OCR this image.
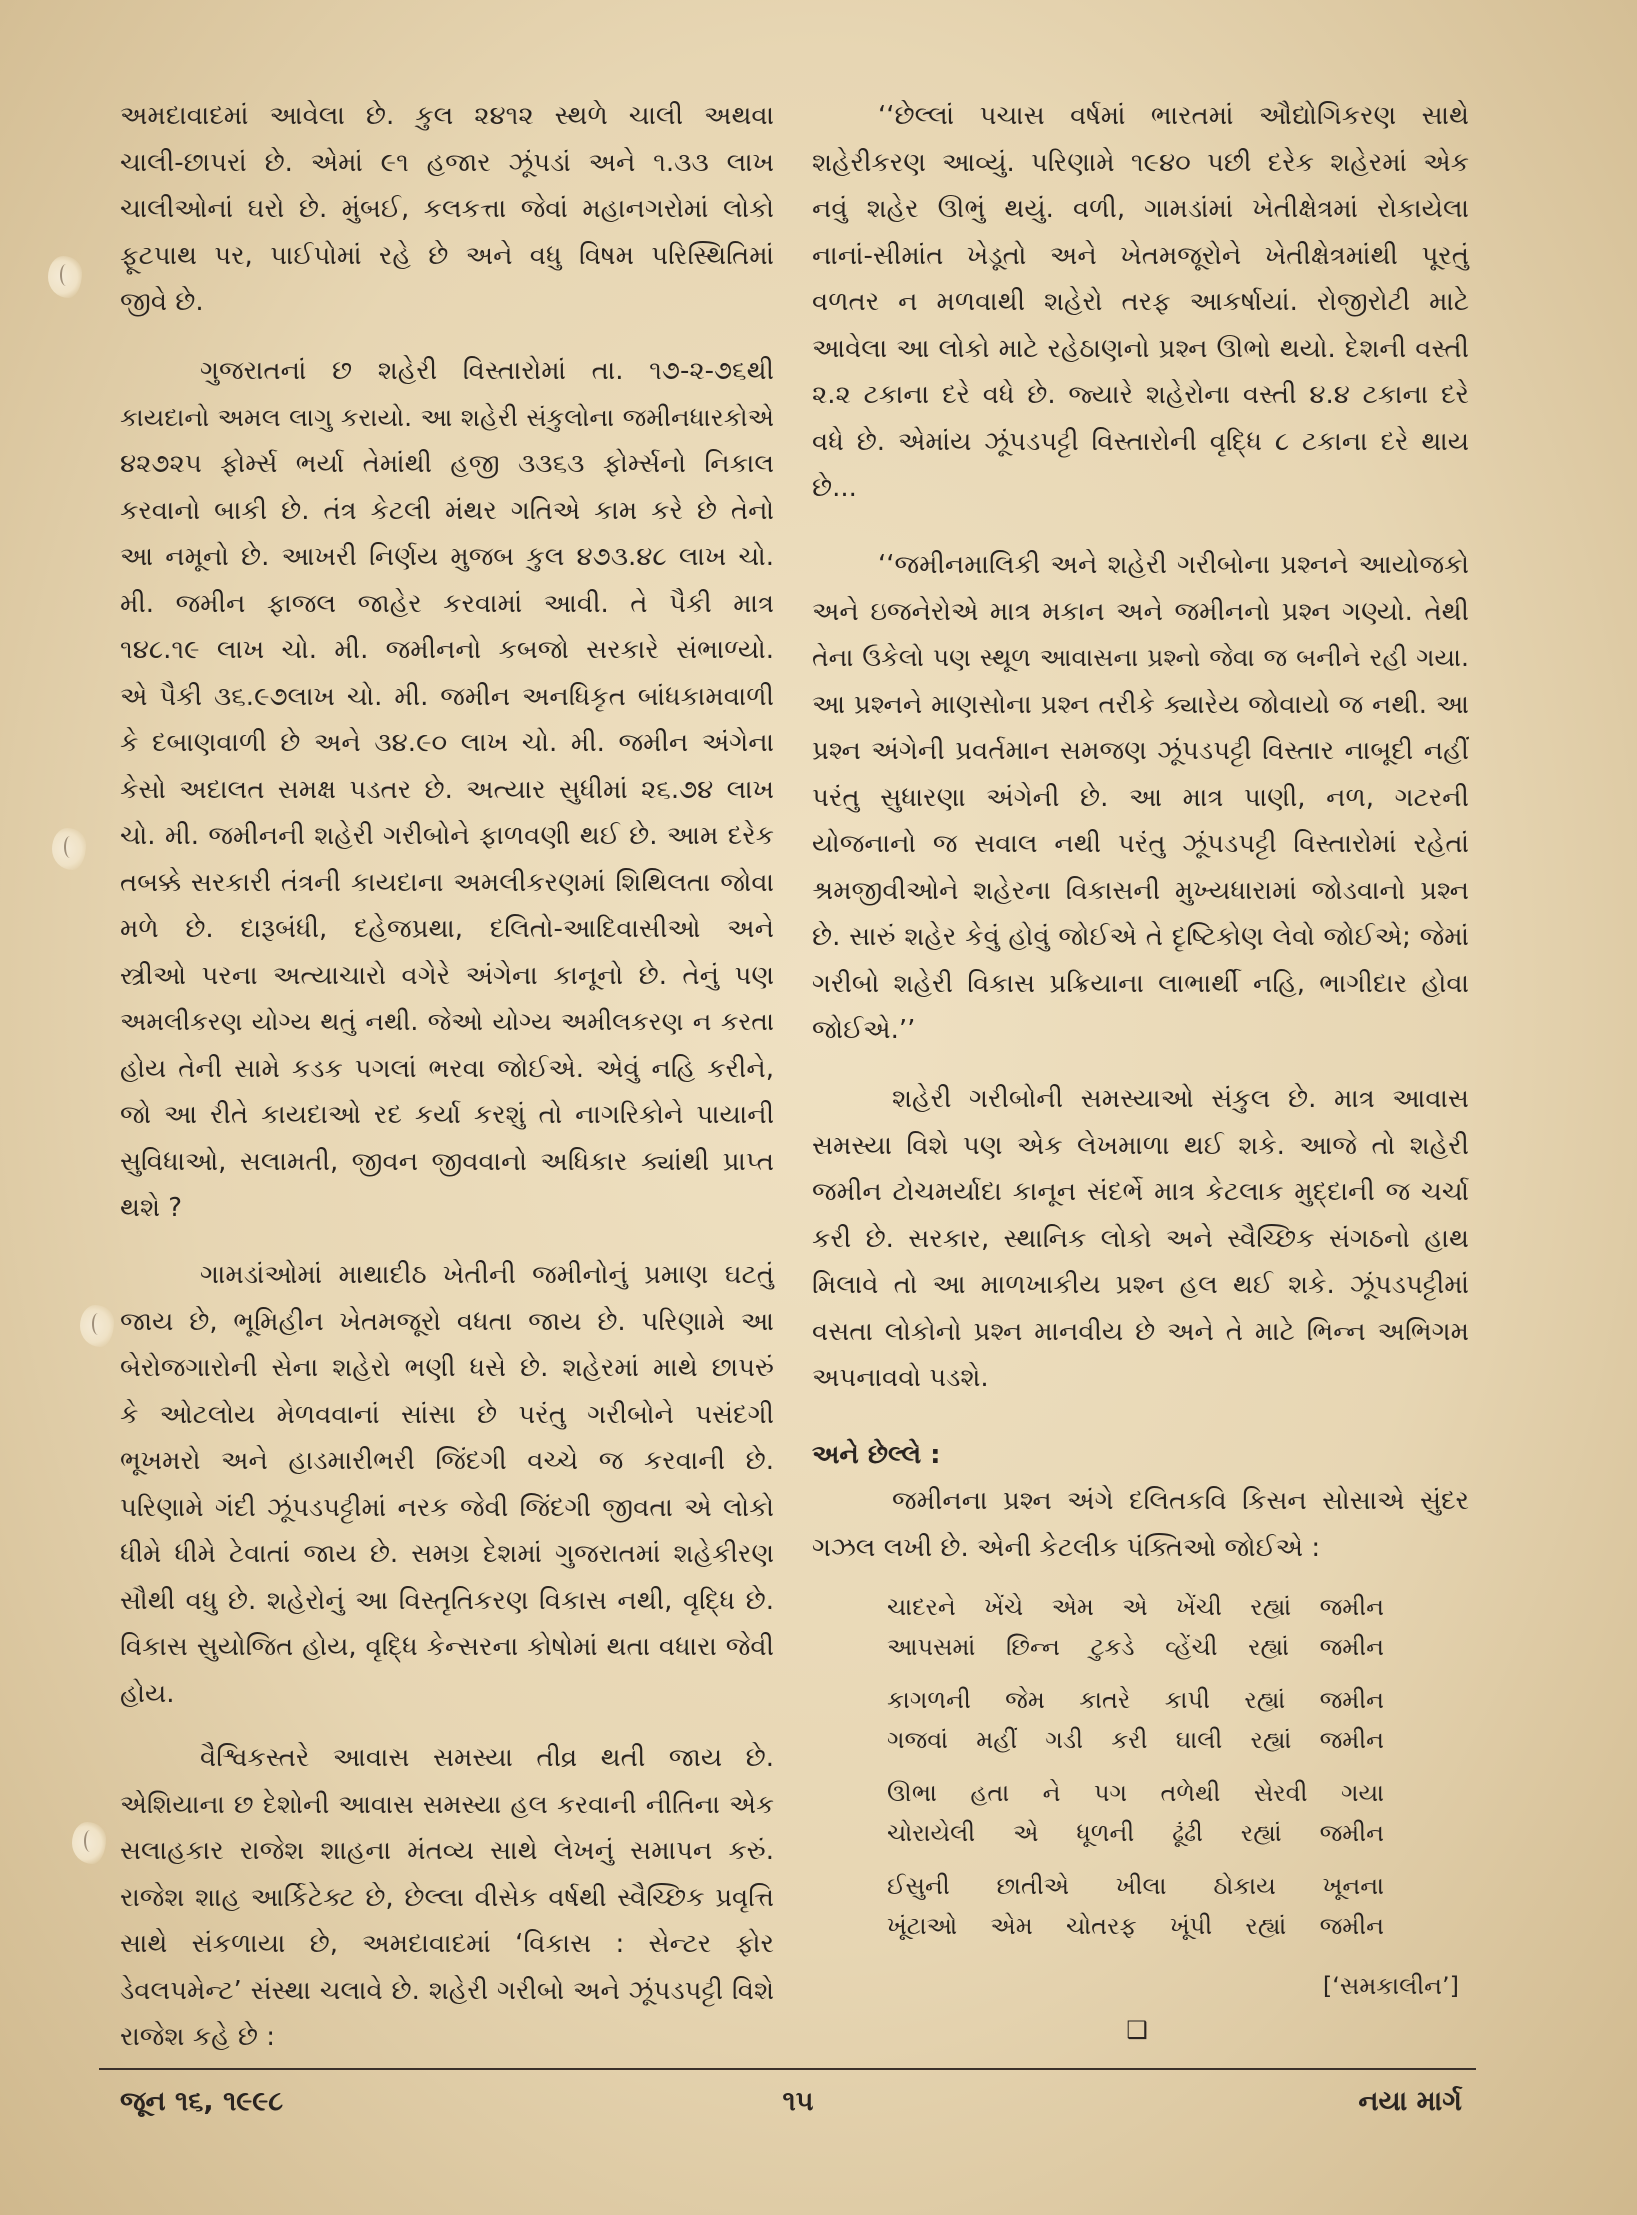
અમદાવાદમાં આવેલા છે. કુલ ૨૪૧૨ સ્થળે ચાલી અથવા
ચાલી-છાપરાં છે. એમાં ૯૧ હજાર ઝૂંપડાં અને ૧.૩૩ લાખ
ચાલીઓનાં ઘરો છે. મુંબઈ, કલકત્તા જેવાં મહાનગરોમાં લોકો
ફૂટપાથ પર, પાઈપોમાં રહે છે અને વધુ વિષમ પરિસ્થિતિમાં
જીવે છે.
ગુજરાતનાં છ શહેરી વિસ્તારોમાં તા. ૧૭-૨-૭૬થી
કાયદાનો અમલ લાગુ કરાયો. આ શહેરી સંકુલોના જમીનધારકોએ
૪૨૭૨૫ ફોર્મ્સ ભર્યા તેમાંથી હજી ૩૩૬૩ ફોર્મ્સનો નિકાલ
કરવાનો બાકી છે. તંત્ર કેટલી મંથર ગતિએ કામ કરે છે તેનો
આ નમૂનો છે. આખરી નિર્ણય મુજબ કુલ ૪૭૩.૪૮ લાખ ચો.
મી. જમીન ફાજલ જાહેર કરવામાં આવી. તે પૈકી માત્ર
૧૪૮.૧૯ લાખ ચો. મી. જમીનનો કબજો સરકારે સંભાળ્યો.
એ પૈકી ૩૬.૯૭લાખ ચો. મી. જમીન અનધિકૃત બાંધકામવાળી
કે દબાણવાળી છે અને ૩૪.૯૦ લાખ ચો. મી. જમીન અંગેના
કેસો અદાલત સમક્ષ પડતર છે. અત્યાર સુધીમાં ૨૬.૭૪ લાખ
ચો. મી. જમીનની શહેરી ગરીબોને ફાળવણી થઈ છે. આમ દરેક
તબક્કે સરકારી તંત્રની કાયદાના અમલીકરણમાં શિથિલતા જોવા
મળે છે. દારૂબંધી, દહેજપ્રથા, દલિતો-આદિવાસીઓ અને
સ્ત્રીઓ પરના અત્યાચારો વગેરે અંગેના કાનૂનો છે. તેનું પણ
અમલીકરણ યોગ્ય થતું નથી. જેઓ યોગ્ય અમીલકરણ ન કરતા
હોય તેની સામે કડક પગલાં ભરવા જોઈએ. એવું નહિ કરીને,
જો આ રીતે કાયદાઓ રદ કર્યા કરશું તો નાગરિકોને પાયાની
સુવિધાઓ, સલામતી, જીવન જીવવાનો અધિકાર ક્યાંથી પ્રાપ્ત
થશે ?
ગામડાંઓમાં માથાદીઠ ખેતીની જમીનોનું પ્રમાણ ઘટતું
જાય છે, ભૂમિહીન ખેતમજૂરો વધતા જાય છે. પરિણામે આ
બેરોજગારોની સેના શહેરો ભણી ધસે છે. શહેરમાં માથે છાપરું
કે ઓટલોય મેળવવાનાં સાંસા છે પરંતુ ગરીબોને પસંદગી
ભૂખમરો અને હાડમારીભરી જિંદગી વચ્ચે જ કરવાની છે.
પરિણામે ગંદી ઝૂંપડપટ્ટીમાં નરક જેવી જિંદગી જીવતા એ લોકો
ધીમે ધીમે ટેવાતાં જાય છે. સમગ્ર દેશમાં ગુજરાતમાં શહેકીરણ
સૌથી વધુ છે. શહેરોનું આ વિસ્તૃતિકરણ વિકાસ નથી, વૃદ્ધિ છે.
વિકાસ સુયોજિત હોય, વૃદ્ધિ કેન્સરના કોષોમાં થતા વધારા જેવી
હોય.
વૈશ્વિકસ્તરે આવાસ સમસ્યા તીવ્ર થતી જાય છે.
એશિયાના છ દેશોની આવાસ સમસ્યા હલ કરવાની નીતિના એક
સલાહકાર રાજેશ શાહના મંતવ્ય સાથે લેખનું સમાપન કરું.
રાજેશ શાહ આર્કિટેક્ટ છે, છેલ્લા વીસેક વર્ષથી સ્વૈચ્છિક પ્રવૃત્તિ
સાથે સંકળાયા છે, અમદાવાદમાં ‘વિકાસ : સેન્ટર ફોર
ડેવલપમેન્ટ’ સંસ્થા ચલાવે છે. શહેરી ગરીબો અને ઝૂંપડપટ્ટી વિશે
રાજેશ કહે છે :
‘‘છેલ્લાં પચાસ વર્ષમાં ભારતમાં ઔદ્યોગિકરણ સાથે
શહેરીકરણ આવ્યું. પરિણામે ૧૯૪૦ પછી દરેક શહેરમાં એક
નવું શહેર ઊભું થયું. વળી, ગામડાંમાં ખેતીક્ષેત્રમાં રોકાયેલા
નાનાં-સીમાંત ખેડૂતો અને ખેતમજૂરોને ખેતીક્ષેત્રમાંથી પૂરતું
વળતર ન મળવાથી શહેરો તરફ આકર્ષાયાં. રોજીરોટી માટે
આવેલા આ લોકો માટે રહેઠાણનો પ્રશ્ન ઊભો થયો. દેશની વસ્તી
૨.૨ ટકાના દરે વધે છે. જ્યારે શહેરોના વસ્તી ૪.૪ ટકાના દરે
વધે છે. એમાંય ઝૂંપડપટ્ટી વિસ્તારોની વૃદ્ધિ ૮ ટકાના દરે થાય
છે...
‘‘જમીનમાલિકી અને શહેરી ગરીબોના પ્રશ્નને આયોજકો
અને ઇજનેરોએ માત્ર મકાન અને જમીનનો પ્રશ્ન ગણ્યો. તેથી
તેના ઉકેલો પણ સ્થૂળ આવાસના પ્રશ્નો જેવા જ બનીને રહી ગયા.
આ પ્રશ્નને માણસોના પ્રશ્ન તરીકે ક્યારેય જોવાયો જ નથી. આ
પ્રશ્ન અંગેની પ્રવર્તમાન સમજણ ઝૂંપડપટ્ટી વિસ્તાર નાબૂદી નહીં
પરંતુ સુધારણા અંગેની છે. આ માત્ર પાણી, નળ, ગટરની
યોજનાનો જ સવાલ નથી પરંતુ ઝૂંપડપટ્ટી વિસ્તારોમાં રહેતાં
શ્રમજીવીઓને શહેરના વિકાસની મુખ્યધારામાં જોડવાનો પ્રશ્ન
છે. સારું શહેર કેવું હોવું જોઈએ તે દૃષ્ટિકોણ લેવો જોઈએ; જેમાં
ગરીબો શહેરી વિકાસ પ્રક્રિયાના લાભાર્થી નહિ, ભાગીદાર હોવા
જોઈએ.’’
શહેરી ગરીબોની સમસ્યાઓ સંકુલ છે. માત્ર આવાસ
સમસ્યા વિશે પણ એક લેખમાળા થઈ શકે. આજે તો શહેરી
જમીન ટોચમર્યાદા કાનૂન સંદર્ભે માત્ર કેટલાક મુદ્દાની જ ચર્ચા
કરી છે. સરકાર, સ્થાનિક લોકો અને સ્વૈચ્છિક સંગઠનો હાથ
મિલાવે તો આ માળખાકીય પ્રશ્ન હલ થઈ શકે. ઝૂંપડપટ્ટીમાં
વસતા લોકોનો પ્રશ્ન માનવીય છે અને તે માટે ભિન્ન અભિગમ
અપનાવવો પડશે.
અને છેલ્લે :
જમીનના પ્રશ્ન અંગે દલિતકવિ કિસન સોસાએ સુંદર
ગઝલ લખી છે. એની કેટલીક પંક્તિઓ જોઈએ :
ચાદરને ખેંચે એમ એ ખેંચી રહ્યાં જમીન
આપસમાં છિન્ન ટુકડે વ્હેંચી રહ્યાં જમીન
કાગળની જેમ કાતરે કાપી રહ્યાં જમીન
ગજવાં મહીં ગડી કરી ઘાલી રહ્યાં જમીન
ઊભા હતા ને પગ તળેથી સેરવી ગયા
ચોરાયેલી એ ધૂળની ઢૂંઢી રહ્યાં જમીન
ઈસુની છાતીએ ખીલા ઠોકાય ખૂનના
ખૂંટાઓ એમ ચોતરફ ખૂંપી રહ્યાં જમીન
[‘સમકાલીન’]
❑
જૂન ૧૬, ૧૯૯૮	૧૫	નયા માર્ગ
